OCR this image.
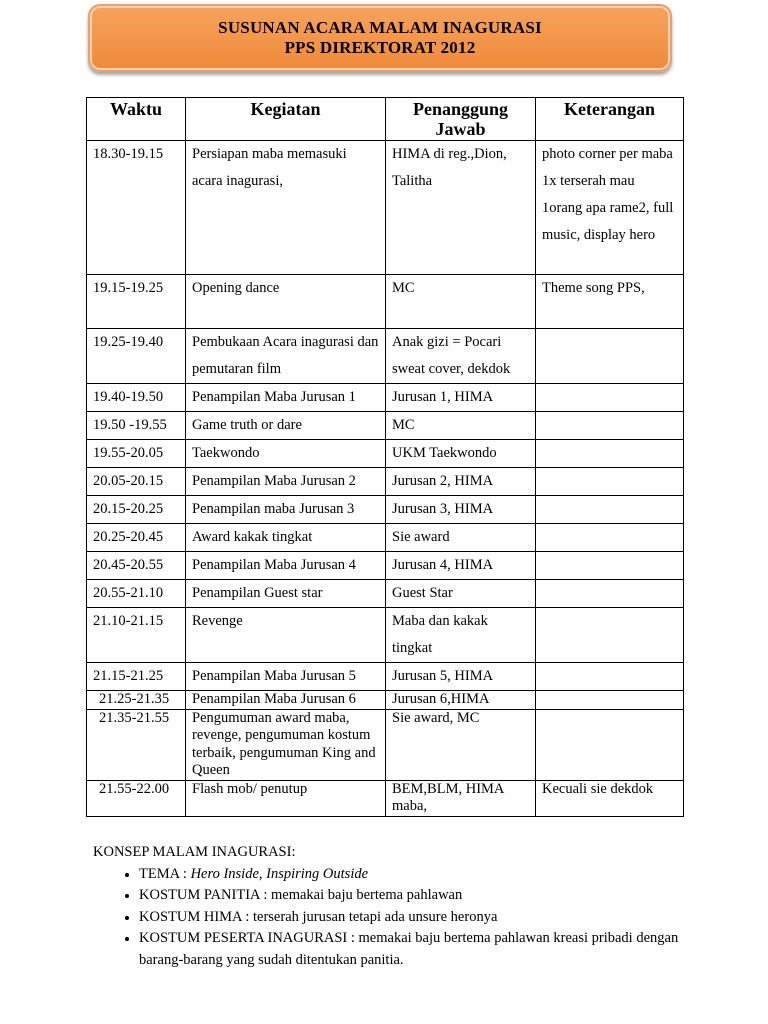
SUSUNAN ACARA MALAM INAGURASI
PPS DIREKTORAT 2012
Waktu	Kegiatan	Penanggung Jawab	Keterangan
18.30-19.15	Persiapan maba memasuki acara inagurasi,	HIMA di reg.,Dion, Talitha	photo corner per maba 1x terserah mau 1orang apa rame2, full music, display hero
19.15-19.25	Opening dance	MC	Theme song PPS,
19.25-19.40	Pembukaan Acara inagurasi dan pemutaran film	Anak gizi = Pocari sweat cover, dekdok	
19.40-19.50	Penampilan Maba Jurusan 1	Jurusan 1, HIMA	
19.50 -19.55	Game truth or dare	MC	
19.55-20.05	Taekwondo	UKM Taekwondo	
20.05-20.15	Penampilan Maba Jurusan 2	Jurusan 2, HIMA	
20.15-20.25	Penampilan maba Jurusan 3	Jurusan 3, HIMA	
20.25-20.45	Award kakak tingkat	Sie award	
20.45-20.55	Penampilan Maba Jurusan 4	Jurusan 4, HIMA	
20.55-21.10	Penampilan Guest star	Guest Star	
21.10-21.15	Revenge	Maba dan kakak tingkat	
21.15-21.25	Penampilan Maba Jurusan 5	Jurusan 5, HIMA	
21.25-21.35	Penampilan Maba Jurusan 6	Jurusan 6,HIMA	
21.35-21.55	Pengumuman award maba, revenge, pengumuman kostum terbaik, pengumuman King and Queen	Sie award, MC	
21.55-22.00	Flash mob/ penutup	BEM,BLM, HIMA maba,	Kecuali sie dekdok
KONSEP MALAM INAGURASI:
• TEMA : Hero Inside, Inspiring Outside
• KOSTUM PANITIA : memakai baju bertema pahlawan
• KOSTUM HIMA : terserah jurusan tetapi ada unsure heronya
• KOSTUM PESERTA INAGURASI : memakai baju bertema pahlawan kreasi pribadi dengan barang-barang yang sudah ditentukan panitia.
